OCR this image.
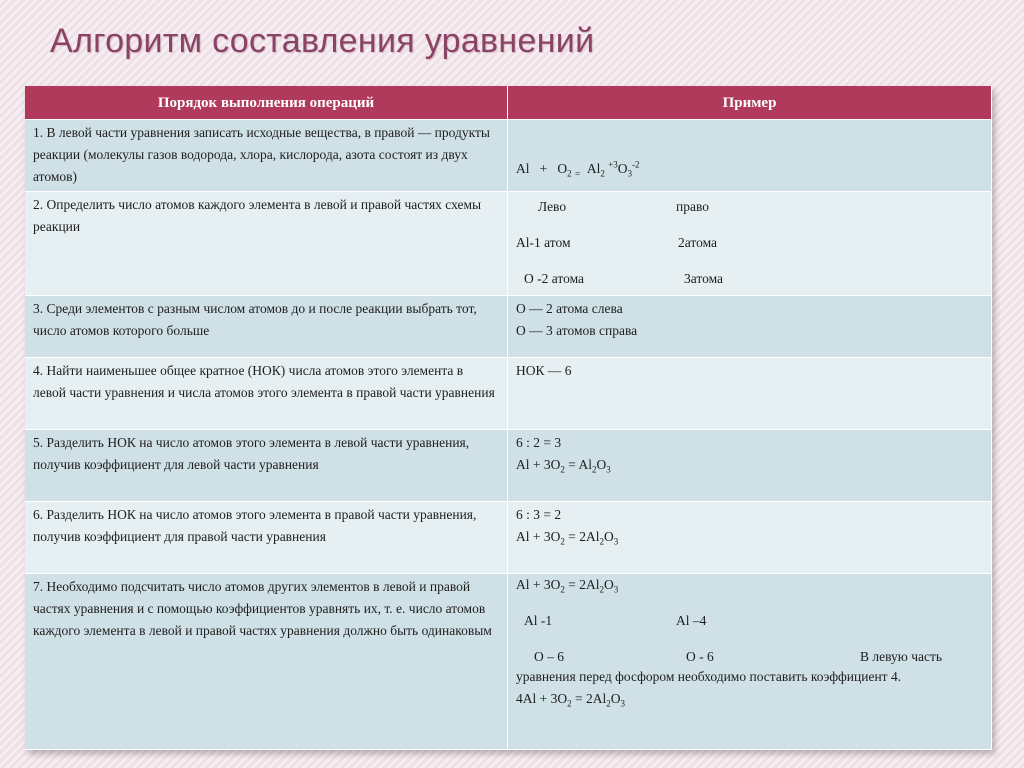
Алгоритм составления уравнений
Порядок выполнения операций	Пример
1. В левой части уравнения записать исходные вещества, в правой — продукты реакции (молекулы газов водорода, хлора, кислорода, азота состоят из двух атомов)
$Al + O_2$ $_=$ $Al_2$ $^{+3}O_3^{-2}$
2. Определить число атомов каждого элемента в левой и правой частях схемы реакции
Лево	право
Al-1 атом	2атома
О -2 атома	3атома
3. Среди элементов с разным числом атомов до и после реакции выбрать тот, число атомов которого больше
О — 2 атома слева
О — 3 атомов справа
4. Найти наименьшее общее кратное (НОК) числа атомов этого элемента в левой части уравнения и числа атомов этого элемента в правой части уравнения
НОК — 6
5. Разделить НОК на число атомов этого элемента в левой части уравнения, получив коэффициент для левой части уравнения
6 : 2 = 3
$Al + 3O_2 = Al_2O_3$
6. Разделить НОК на число атомов этого элемента в правой части уравнения, получив коэффициент для правой части уравнения
6 : 3 = 2
$Al + 3O_2 = 2Al_2O_3$
7. Необходимо подсчитать число атомов других элементов в левой и правой частях уравнения и с помощью коэффициентов уравнять их, т. е. число атомов каждого элемента в левой и правой частях уравнения должно быть одинаковым
$Al + 3O_2 = 2Al_2O_3$
Al -1	Al –4
O – 6	O - 6	В левую часть
уравнения перед фосфором необходимо поставить коэффициент 4.
$4Al + 3O_2 = 2Al_2O_3$
